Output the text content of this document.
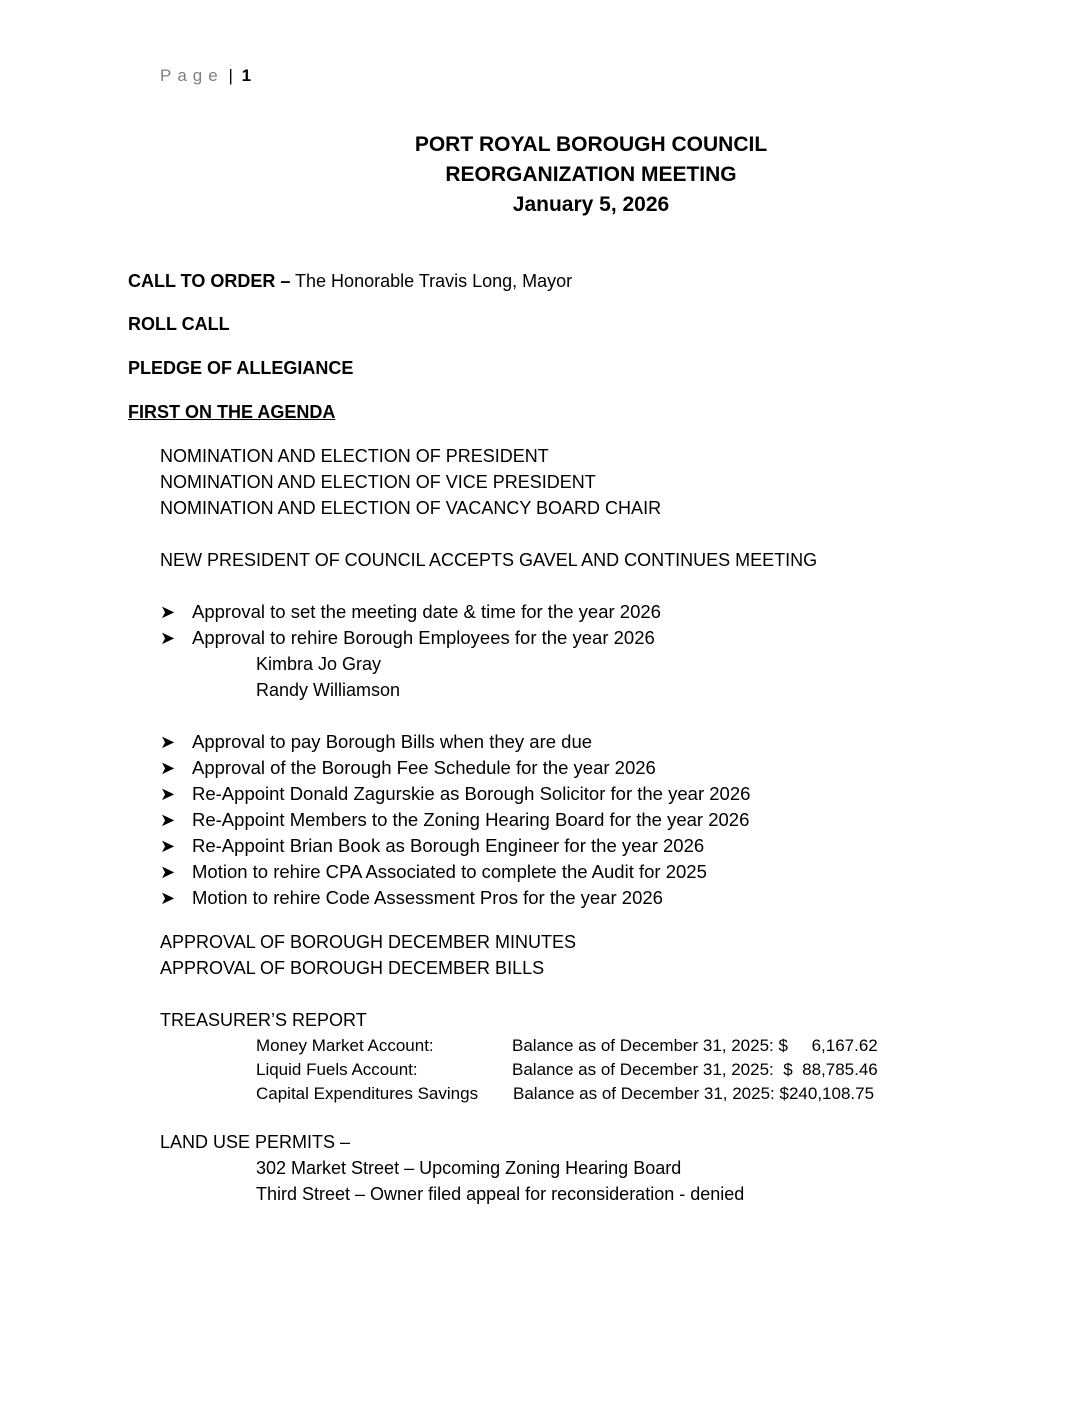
Page | 1
PORT ROYAL BOROUGH COUNCIL
REORGANIZATION MEETING
January 5, 2026
CALL TO ORDER – The Honorable Travis Long, Mayor
ROLL CALL
PLEDGE OF ALLEGIANCE
FIRST ON THE AGENDA
NOMINATION AND ELECTION OF PRESIDENT
NOMINATION AND ELECTION OF VICE PRESIDENT
NOMINATION AND ELECTION OF VACANCY BOARD CHAIR
NEW PRESIDENT OF COUNCIL ACCEPTS GAVEL AND CONTINUES MEETING
➤ Approval to set the meeting date & time for the year 2026
➤ Approval to rehire Borough Employees for the year 2026
Kimbra Jo Gray
Randy Williamson
➤ Approval to pay Borough Bills when they are due
➤ Approval of the Borough Fee Schedule for the year 2026
➤ Re-Appoint Donald Zagurskie as Borough Solicitor for the year 2026
➤ Re-Appoint Members to the Zoning Hearing Board for the year 2026
➤ Re-Appoint Brian Book as Borough Engineer for the year 2026
➤ Motion to rehire CPA Associated to complete the Audit for 2025
➤ Motion to rehire Code Assessment Pros for the year 2026
APPROVAL OF BOROUGH DECEMBER MINUTES
APPROVAL OF BOROUGH DECEMBER BILLS
TREASURER’S REPORT
Money Market Account:	Balance as of December 31, 2025: $     6,167.62
Liquid Fuels Account:	Balance as of December 31, 2025:  $  88,785.46
Capital Expenditures Savings Balance as of December 31, 2025: $240,108.75
LAND USE PERMITS –
302 Market Street – Upcoming Zoning Hearing Board
Third Street – Owner filed appeal for reconsideration - denied
